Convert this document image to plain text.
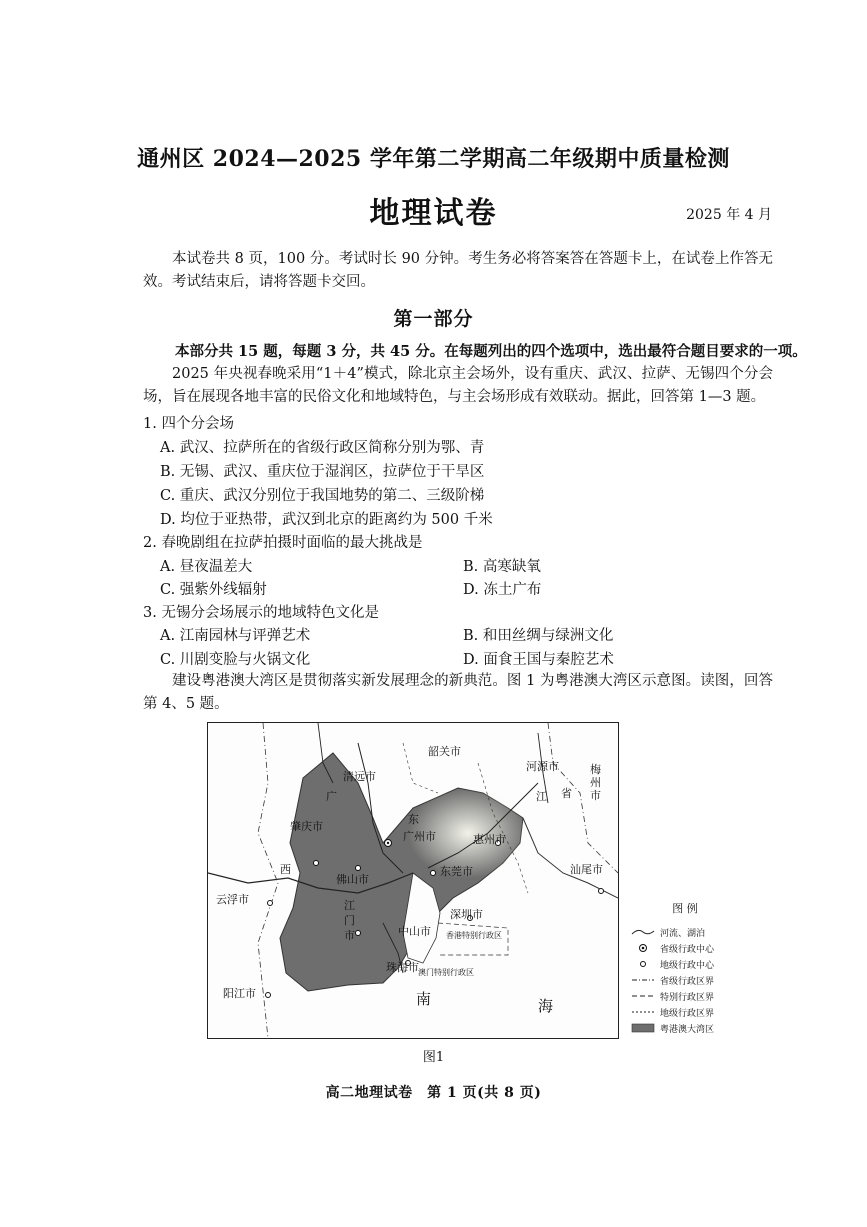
通州区 2024—2025 学年第二学期高二年级期中质量检测
地理试卷	2025 年 4 月
本试卷共 8 页，100 分。考试时长 90 分钟。考生务必将答案答在答题卡上，在试卷上作答无效。考试结束后，请将答题卡交回。
第一部分
本部分共 15 题，每题 3 分，共 45 分。在每题列出的四个选项中，选出最符合题目要求的一项。
2025 年央视春晚采用“1＋4”模式，除北京主会场外，设有重庆、武汉、拉萨、无锡四个分会场，旨在展现各地丰富的民俗文化和地域特色，与主会场形成有效联动。据此，回答第 1—3 题。
1. 四个分会场
A. 武汉、拉萨所在的省级行政区简称分别为鄂、青
B. 无锡、武汉、重庆位于湿润区，拉萨位于干旱区
C. 重庆、武汉分别位于我国地势的第二、三级阶梯
D. 均位于亚热带，武汉到北京的距离约为 500 千米
2. 春晚剧组在拉萨拍摄时面临的最大挑战是
A. 昼夜温差大	B. 高寒缺氧
C. 强紫外线辐射	D. 冻土广布
3. 无锡分会场展示的地域特色文化是
A. 江南园林与评弹艺术	B. 和田丝绸与绿洲文化
C. 川剧变脸与火锅文化	D. 面食王国与秦腔艺术
建设粤港澳大湾区是贯彻落实新发展理念的新典范。图 1 为粤港澳大湾区示意图。读图，回答第 4、5 题。
韶关市
清远市
河源市	梅州市
肇庆市
广州市	惠州市
汕尾市
东莞市
佛山市
云浮市	江门市	中山市
深圳市
珠海市
阳江市
香港特别行政区
澳门特别行政区
广
东
江 省
西
南	海
图 例
河流、湖泊
省级行政中心
地级行政中心
省级行政区界
特别行政区界
地级行政区界
粤港澳大湾区
图1
高二地理试卷　第 1 页(共 8 页)
